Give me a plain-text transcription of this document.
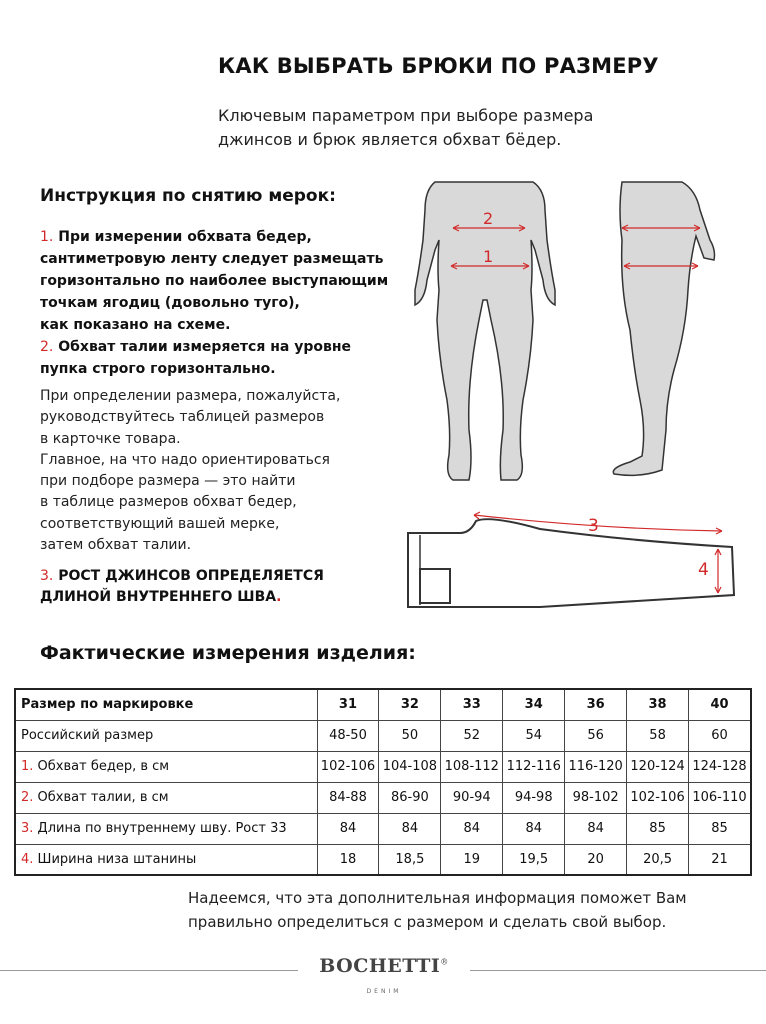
КАК ВЫБРАТЬ БРЮКИ ПО РАЗМЕРУ
Ключевым параметром при выборе размера
джинсов и брюк является обхват бёдер.
Инструкция по снятию мерок:
1. При измерении обхвата бедер,
сантиметровую ленту следует размещать
горизонтально по наиболее выступающим
точкам ягодиц (довольно туго),
как показано на схеме.
2. Обхват талии измеряется на уровне
пупка строго горизонтально.
При определении размера, пожалуйста,
руководствуйтесь таблицей размеров
в карточке товара.
Главное, на что надо ориентироваться
при подборе размера — это найти
в таблице размеров обхват бедер,
соответствующий вашей мерке,
затем обхват талии.
3. РОСТ ДЖИНСОВ ОПРЕДЕЛЯЕТСЯ
ДЛИНОЙ ВНУТРЕННЕГО ШВА.
2
1
3
4
Фактические измерения изделия:
Размер по маркировке	31	32	33	34	36	38	40
Российский размер	48-50	50	52	54	56	58	60
1. Обхват бедер, в см	102-106	104-108	108-112	112-116	116-120	120-124	124-128
2. Обхват талии, в см	84-88	86-90	90-94	94-98	98-102	102-106	106-110
3. Длина по внутреннему шву. Рост 33	84	84	84	84	84	85	85
4. Ширина низа штанины	18	18,5	19	19,5	20	20,5	21
Надеемся, что эта дополнительная информация поможет Вам
правильно определиться с размером и сделать свой выбор.
BOCHETTI®
DENIM
